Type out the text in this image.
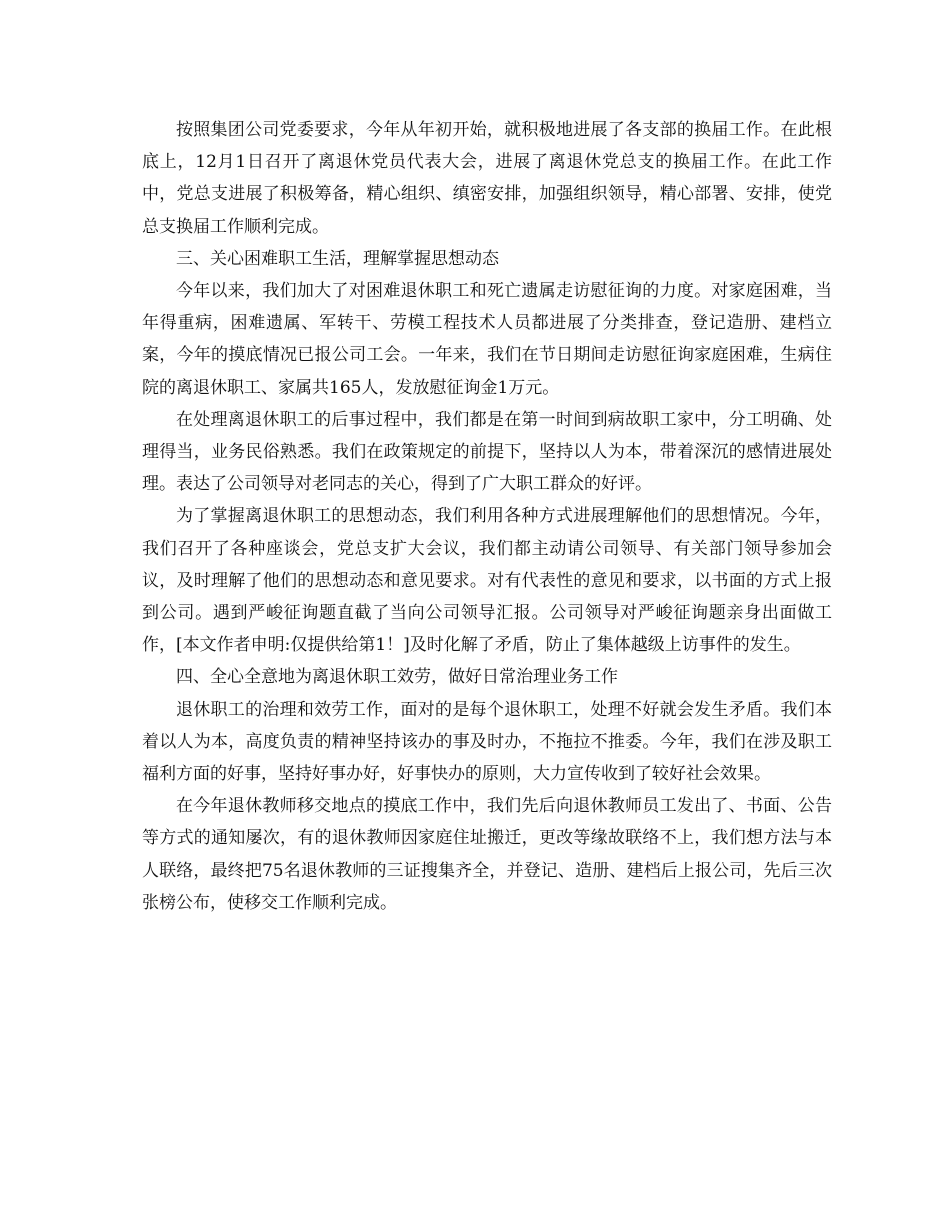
按照集团公司党委要求，今年从年初开始，就积极地进展了各支部的换届工作。在此根底上，12月1日召开了离退休党员代表大会，进展了离退休党总支的换届工作。在此工作中，党总支进展了积极筹备，精心组织、缜密安排，加强组织领导，精心部署、安排，使党总支换届工作顺利完成。

三、关心困难职工生活，理解掌握思想动态

今年以来，我们加大了对困难退休职工和死亡遗属走访慰征询的力度。对家庭困难，当年得重病，困难遗属、军转干、劳模工程技术人员都进展了分类排查，登记造册、建档立案，今年的摸底情况已报公司工会。一年来，我们在节日期间走访慰征询家庭困难，生病住院的离退休职工、家属共165人，发放慰征询金1万元。

在处理离退休职工的后事过程中，我们都是在第一时间到病故职工家中，分工明确、处理得当，业务民俗熟悉。我们在政策规定的前提下，坚持以人为本，带着深沉的感情进展处理。表达了公司领导对老同志的关心，得到了广大职工群众的好评。

为了掌握离退休职工的思想动态，我们利用各种方式进展理解他们的思想情况。今年，我们召开了各种座谈会，党总支扩大会议，我们都主动请公司领导、有关部门领导参加会议，及时理解了他们的思想动态和意见要求。对有代表性的意见和要求，以书面的方式上报到公司。遇到严峻征询题直截了当向公司领导汇报。公司领导对严峻征询题亲身出面做工作，[本文作者申明:仅提供给第1！]及时化解了矛盾，防止了集体越级上访事件的发生。

四、全心全意地为离退休职工效劳，做好日常治理业务工作

退休职工的治理和效劳工作，面对的是每个退休职工，处理不好就会发生矛盾。我们本着以人为本，高度负责的精神坚持该办的事及时办，不拖拉不推委。今年，我们在涉及职工福利方面的好事，坚持好事办好，好事快办的原则，大力宣传收到了较好社会效果。

在今年退休教师移交地点的摸底工作中，我们先后向退休教师员工发出了、书面、公告等方式的通知屡次，有的退休教师因家庭住址搬迁，更改等缘故联络不上，我们想方法与本人联络，最终把75名退休教师的三证搜集齐全，并登记、造册、建档后上报公司，先后三次张榜公布，使移交工作顺利完成。
